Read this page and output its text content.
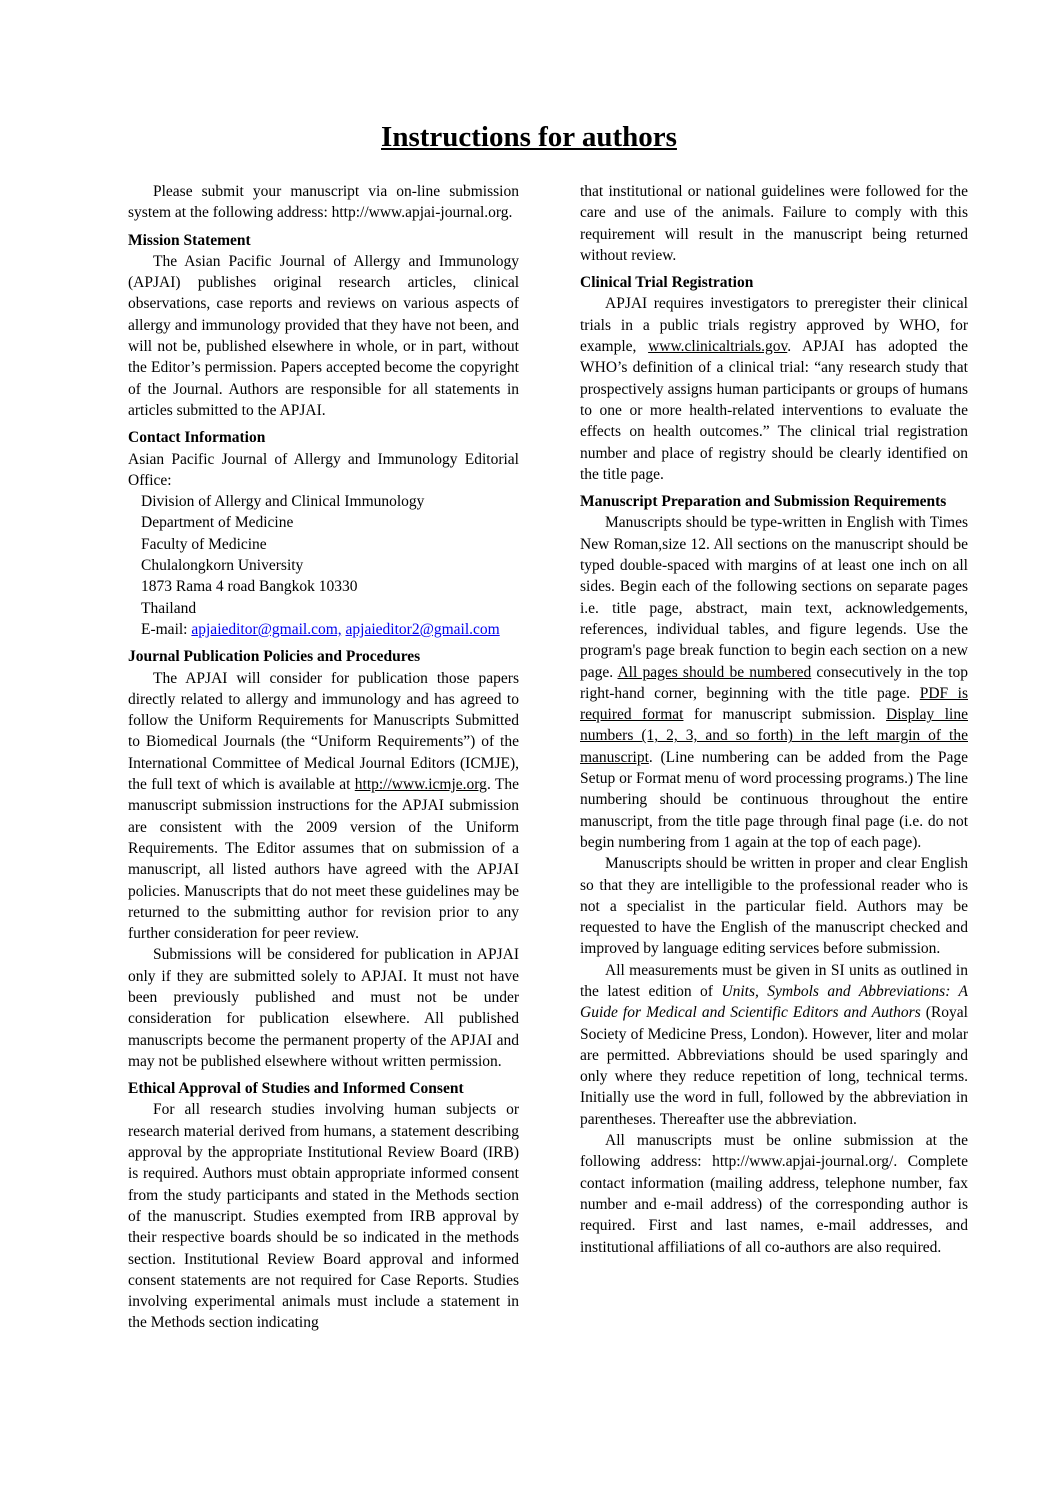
Instructions for authors
Please submit your manuscript via on-line submission system at the following address: http://www.apjai-journal.org.
Mission Statement
The Asian Pacific Journal of Allergy and Immunology (APJAI) publishes original research articles, clinical observations, case reports and reviews on various aspects of allergy and immunology provided that they have not been, and will not be, published elsewhere in whole, or in part, without the Editor’s permission. Papers accepted become the copyright of the Journal. Authors are responsible for all statements in articles submitted to the APJAI.
Contact Information
Asian Pacific Journal of Allergy and Immunology Editorial Office:
Division of Allergy and Clinical Immunology
Department of Medicine
Faculty of Medicine
Chulalongkorn University
1873 Rama 4 road Bangkok 10330
Thailand
E-mail: apjaieditor@gmail.com, apjaieditor2@gmail.com
Journal Publication Policies and Procedures
The APJAI will consider for publication those papers directly related to allergy and immunology and has agreed to follow the Uniform Requirements for Manuscripts Submitted to Biomedical Journals (the “Uniform Requirements”) of the International Committee of Medical Journal Editors (ICMJE), the full text of which is available at http://www.icmje.org. The manuscript submission instructions for the APJAI submission are consistent with the 2009 version of the Uniform Requirements. The Editor assumes that on submission of a manuscript, all listed authors have agreed with the APJAI policies. Manuscripts that do not meet these guidelines may be returned to the submitting author for revision prior to any further consideration for peer review.
Submissions will be considered for publication in APJAI only if they are submitted solely to APJAI. It must not have been previously published and must not be under consideration for publication elsewhere. All published manuscripts become the permanent property of the APJAI and may not be published elsewhere without written permission.
Ethical Approval of Studies and Informed Consent
For all research studies involving human subjects or research material derived from humans, a statement describing approval by the appropriate Institutional Review Board (IRB) is required. Authors must obtain appropriate informed consent from the study participants and stated in the Methods section of the manuscript. Studies exempted from IRB approval by their respective boards should be so indicated in the methods section. Institutional Review Board approval and informed consent statements are not required for Case Reports. Studies involving experimental animals must include a statement in the Methods section indicating
that institutional or national guidelines were followed for the care and use of the animals. Failure to comply with this requirement will result in the manuscript being returned without review.
Clinical Trial Registration
APJAI requires investigators to preregister their clinical trials in a public trials registry approved by WHO, for example, www.clinicaltrials.gov. APJAI has adopted the WHO’s definition of a clinical trial: “any research study that prospectively assigns human participants or groups of humans to one or more health-related interventions to evaluate the effects on health outcomes.” The clinical trial registration number and place of registry should be clearly identified on the title page.
Manuscript Preparation and Submission Requirements
Manuscripts should be type-written in English with Times New Roman,size 12. All sections on the manuscript should be typed double-spaced with margins of at least one inch on all sides. Begin each of the following sections on separate pages i.e. title page, abstract, main text, acknowledgements, references, individual tables, and figure legends. Use the program's page break function to begin each section on a new page. All pages should be numbered consecutively in the top right-hand corner, beginning with the title page. PDF is required format for manuscript submission. Display line numbers (1, 2, 3, and so forth) in the left margin of the manuscript. (Line numbering can be added from the Page Setup or Format menu of word processing programs.) The line numbering should be continuous throughout the entire manuscript, from the title page through final page (i.e. do not begin numbering from 1 again at the top of each page).
Manuscripts should be written in proper and clear English so that they are intelligible to the professional reader who is not a specialist in the particular field. Authors may be requested to have the English of the manuscript checked and improved by language editing services before submission.
All measurements must be given in SI units as outlined in the latest edition of Units, Symbols and Abbreviations: A Guide for Medical and Scientific Editors and Authors (Royal Society of Medicine Press, London). However, liter and molar are permitted. Abbreviations should be used sparingly and only where they reduce repetition of long, technical terms. Initially use the word in full, followed by the abbreviation in parentheses. Thereafter use the abbreviation.
All manuscripts must be online submission at the following address: http://www.apjai-journal.org/. Complete contact information (mailing address, telephone number, fax number and e-mail address) of the corresponding author is required. First and last names, e-mail addresses, and institutional affiliations of all co-authors are also required.
